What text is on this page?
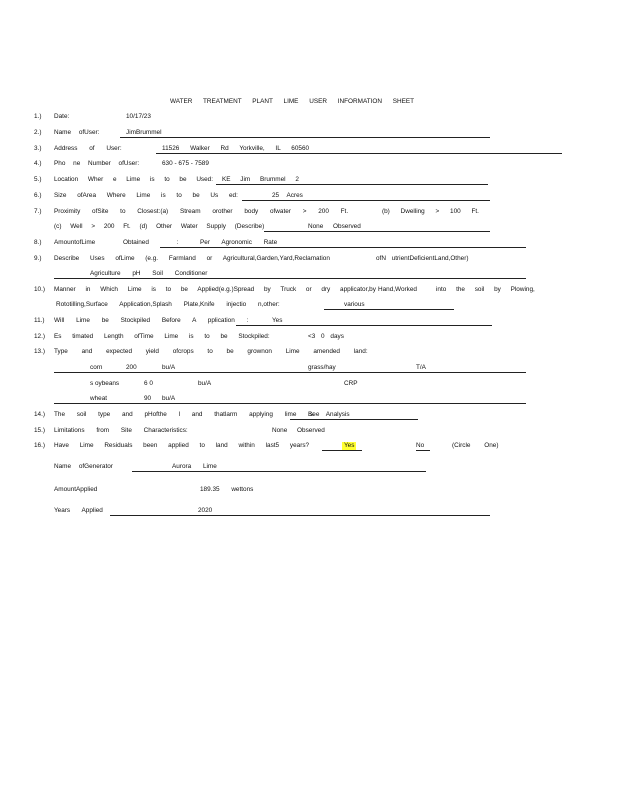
WATER TREATMENT PLANT LIME USER INFORMATION SHEET
1.) Date:	10/17/23
2.) Name ofUser:	JimBrummel
3.) Address of User:	11526 Walker Rd Yorkville, IL 60560
4.) Pho ne Number ofUser:	630 - 675 - 7589
5.) Location Wher e Lime is to be Used: KE Jim Brummel 2
6.) Size ofArea Where Lime is to be Us ed:	25 Acres
7.) Proximity ofSite to Closest:(a) Stream orother body ofwater > 200 Ft.	(b) Dwelling > 100 Ft.
(c) Well > 200 Ft. (d) Other Water Supply (Describe)	None Observed
8.) AmountofLime Obtained :	Per Agronomic Rate
9.) Describe Uses ofLime (e.g. Farmland or Agricultural,Garden,Yard,Reclamation	ofN utrientDeficientLand,Other)
Agriculture pH Soil Conditioner
10.) Manner in Which Lime is to be Applied(e.g.)Spread by Truck or dry applicator,by Hand,Worked	into the soil by Plowing,
Rototilling,Surface Application,Splash Plate,Knife injectio n,other:	various
11.) Will Lime be Stockpiled Before A pplication :	Yes
12.) Es timated Length ofTime Lime is to be Stockpiled:	<3 0 days
13.) Type and expected yield ofcrops to be grownon Lime amended land:
corn	200	bu/A	grass/hay	T/A
s oybeans	6 0	bu/A	CRP
wheat	90 bu/A
14.) The soil type and pHofthe l and thatlarm applying lime is:
See Analysis
15.) Limitations from Site Characteristics:	None Observed
16.) Have Lime Residuals been applied to land within last5 years?	Yes	No	(Circle One)
Name ofGenerator	Aurora Lime
AmountApplied	189.35 wettons
Years Applied	2020
